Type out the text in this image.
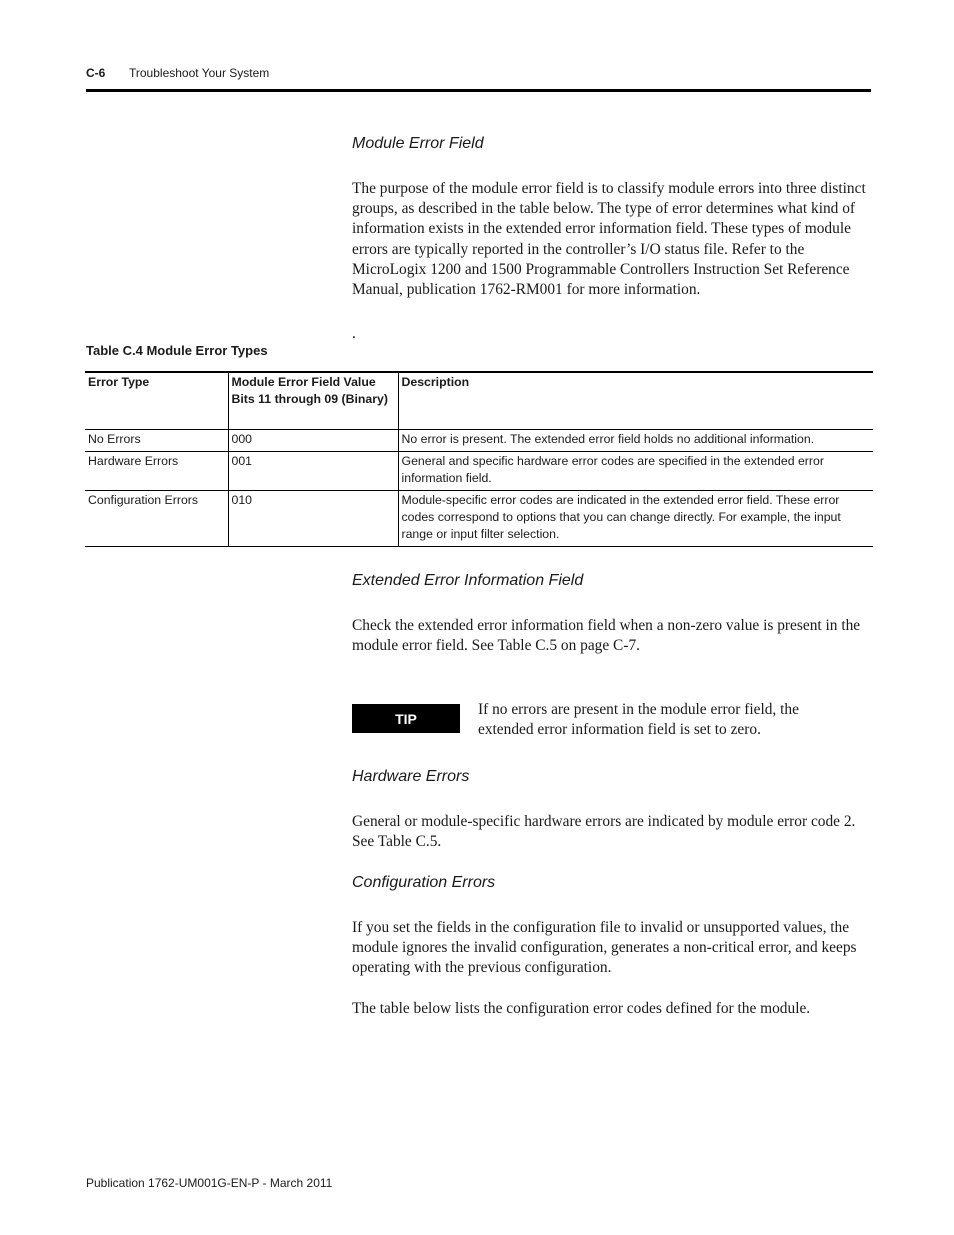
C-6 Troubleshoot Your System
Module Error Field
The purpose of the module error field is to classify module errors into three distinct groups, as described in the table below. The type of error determines what kind of information exists in the extended error information field. These types of module errors are typically reported in the controller’s I/O status file. Refer to the MicroLogix 1200 and 1500 Programmable Controllers Instruction Set Reference Manual, publication 1762-RM001 for more information.
.
Table C.4 Module Error Types
Error Type	Module Error Field Value Bits 11 through 09 (Binary)	Description
No Errors	000	No error is present. The extended error field holds no additional information.
Hardware Errors	001	General and specific hardware error codes are specified in the extended error information field.
Configuration Errors	010	Module-specific error codes are indicated in the extended error field. These error codes correspond to options that you can change directly. For example, the input range or input filter selection.
Extended Error Information Field
Check the extended error information field when a non-zero value is present in the module error field. See Table C.5 on page C-7.
TIP
If no errors are present in the module error field, the extended error information field is set to zero.
Hardware Errors
General or module-specific hardware errors are indicated by module error code 2. See Table C.5.
Configuration Errors
If you set the fields in the configuration file to invalid or unsupported values, the module ignores the invalid configuration, generates a non-critical error, and keeps operating with the previous configuration.
The table below lists the configuration error codes defined for the module.
Publication 1762-UM001G-EN-P - March 2011
